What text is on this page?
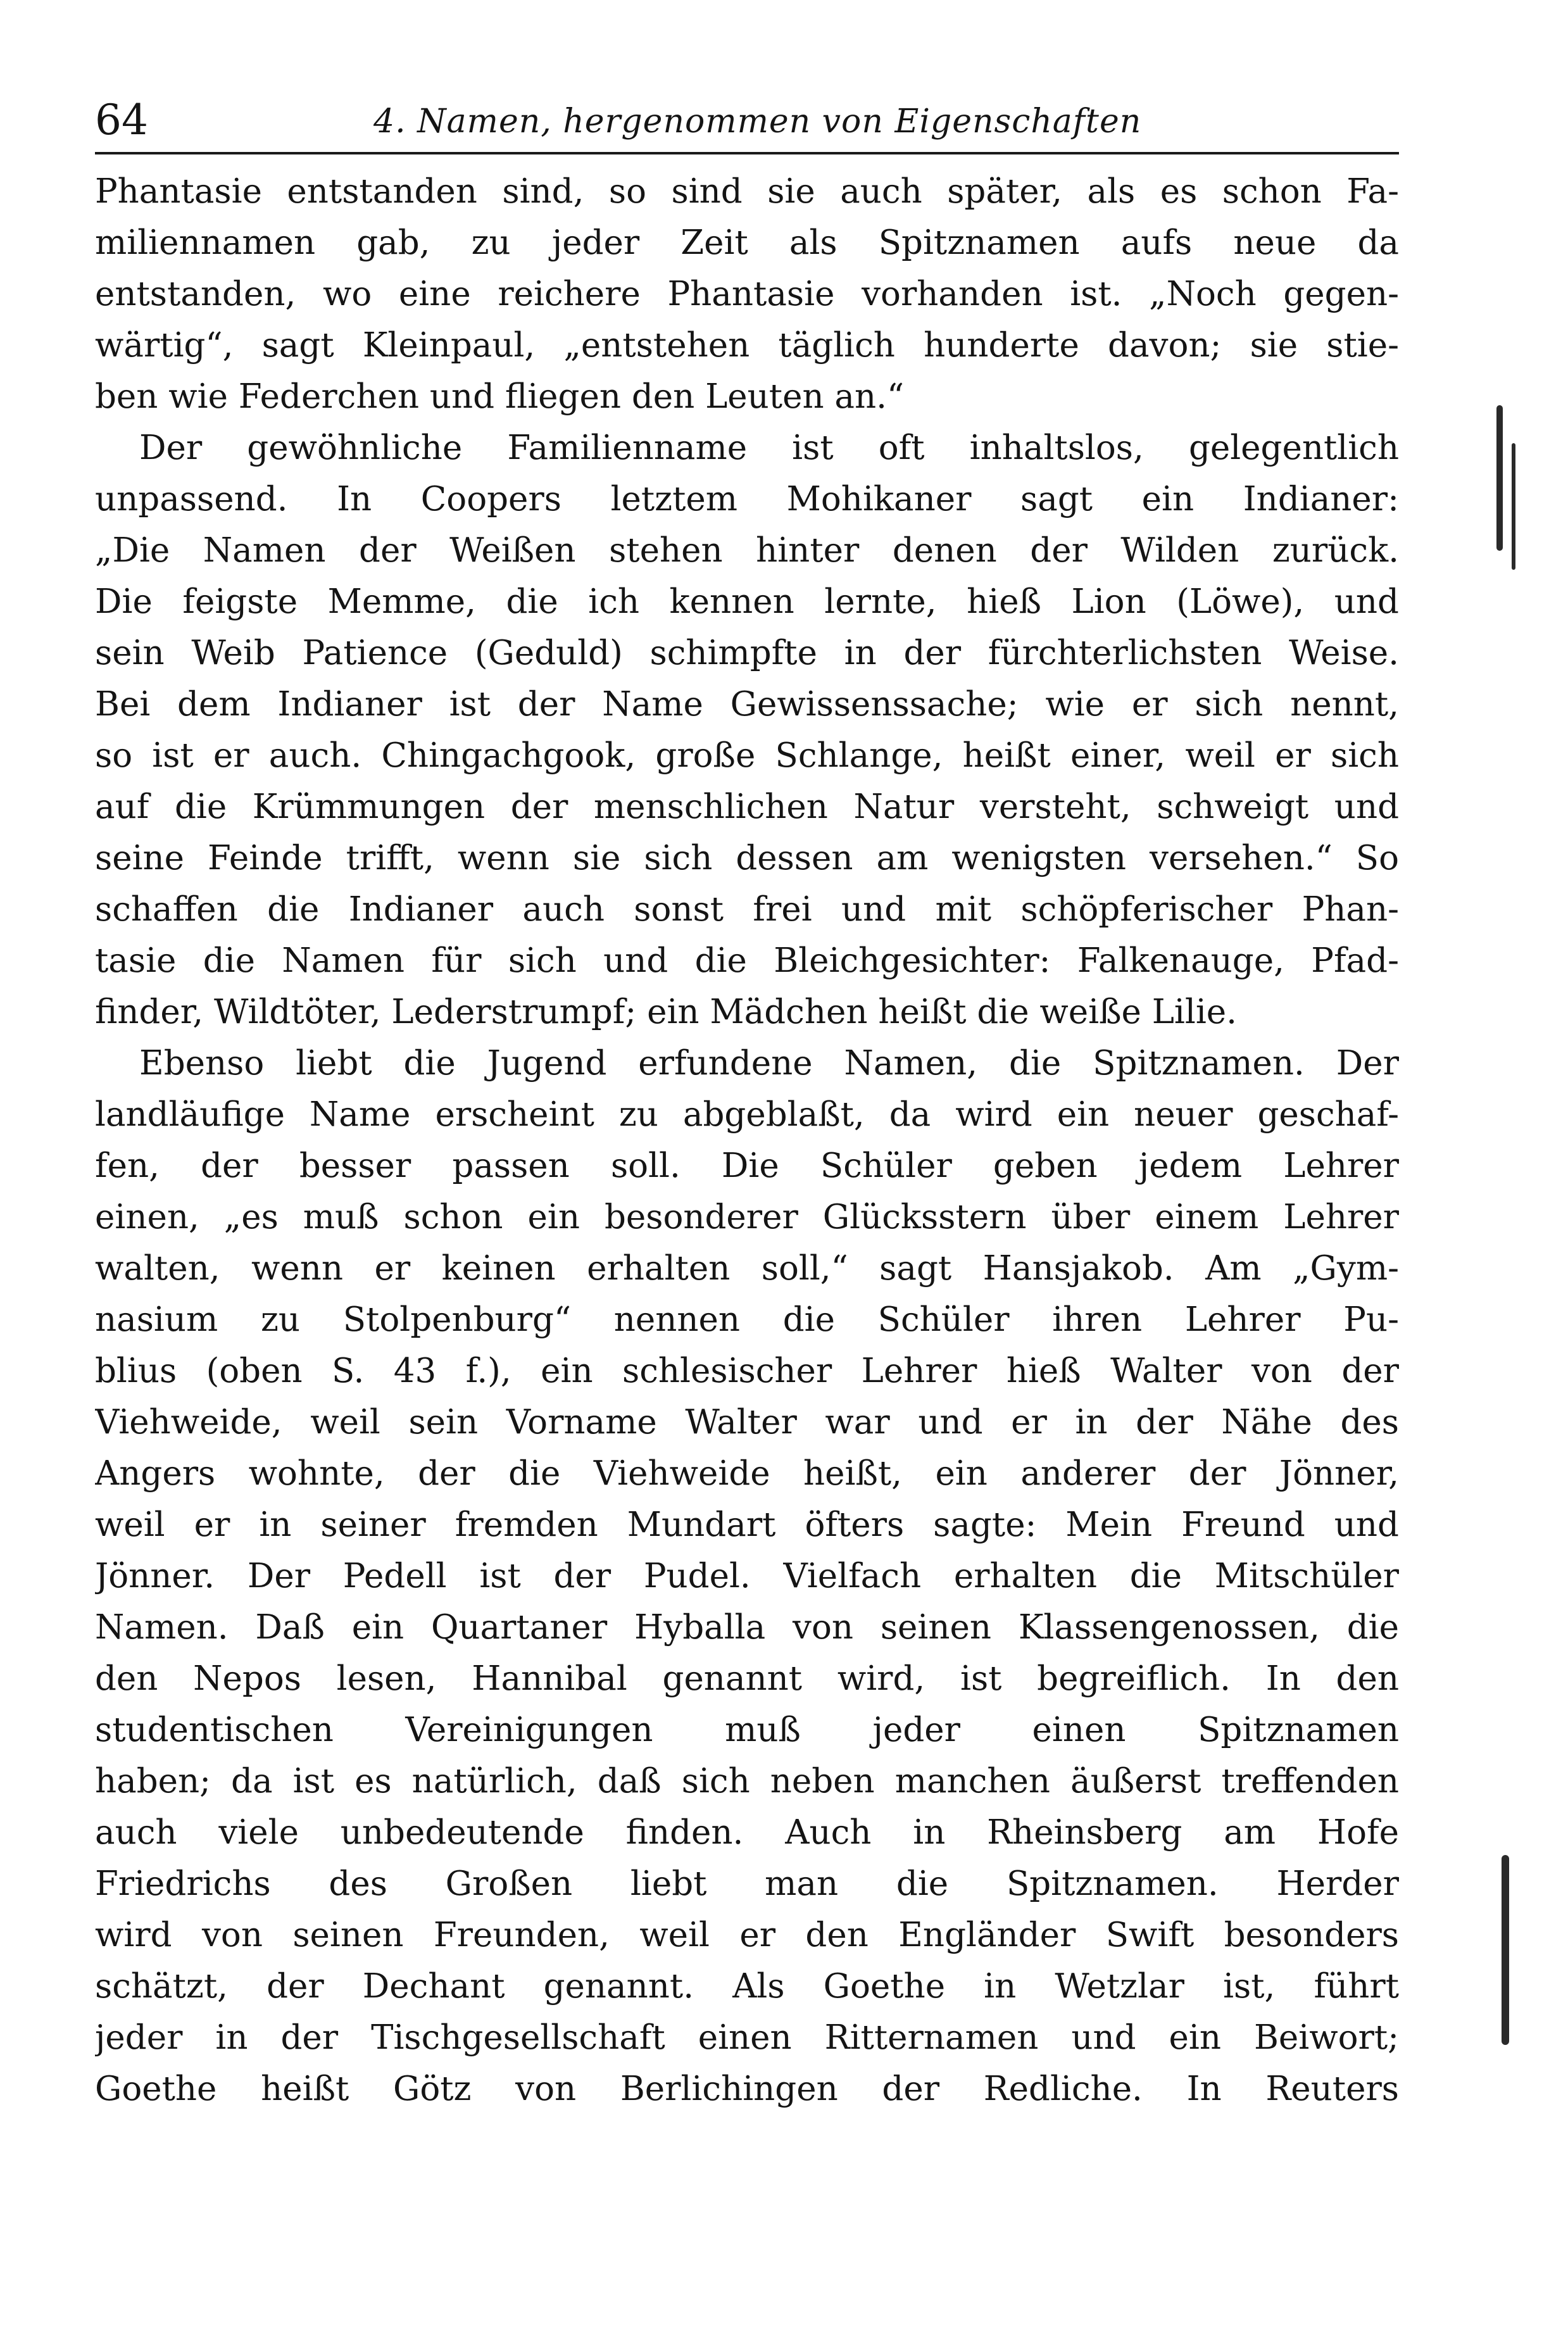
64	4. Namen, hergenommen von Eigenschaften
Phantasie entstanden sind, so sind sie auch später, als es schon Fa-
miliennamen gab, zu jeder Zeit als Spitznamen aufs neue da
entstanden, wo eine reichere Phantasie vorhanden ist. „Noch gegen-
wärtig“, sagt Kleinpaul, „entstehen täglich hunderte davon; sie stie-
ben wie Federchen und fliegen den Leuten an.“
Der gewöhnliche Familienname ist oft inhaltslos, gelegentlich
unpassend. In Coopers letztem Mohikaner sagt ein Indianer:
„Die Namen der Weißen stehen hinter denen der Wilden zurück.
Die feigste Memme, die ich kennen lernte, hieß Lion (Löwe), und
sein Weib Patience (Geduld) schimpfte in der fürchterlichsten Weise.
Bei dem Indianer ist der Name Gewissenssache; wie er sich nennt,
so ist er auch. Chingachgook, große Schlange, heißt einer, weil er sich
auf die Krümmungen der menschlichen Natur versteht, schweigt und
seine Feinde trifft, wenn sie sich dessen am wenigsten versehen.“ So
schaffen die Indianer auch sonst frei und mit schöpferischer Phan-
tasie die Namen für sich und die Bleichgesichter: Falkenauge, Pfad-
finder, Wildtöter, Lederstrumpf; ein Mädchen heißt die weiße Lilie.
Ebenso liebt die Jugend erfundene Namen, die Spitznamen. Der
landläufige Name erscheint zu abgeblaßt, da wird ein neuer geschaf-
fen, der besser passen soll. Die Schüler geben jedem Lehrer
einen, „es muß schon ein besonderer Glücksstern über einem Lehrer
walten, wenn er keinen erhalten soll,“ sagt Hansjakob. Am „Gym-
nasium zu Stolpenburg“ nennen die Schüler ihren Lehrer Pu-
blius (oben S. 43 f.), ein schlesischer Lehrer hieß Walter von der
Viehweide, weil sein Vorname Walter war und er in der Nähe des
Angers wohnte, der die Viehweide heißt, ein anderer der Jönner,
weil er in seiner fremden Mundart öfters sagte: Mein Freund und
Jönner. Der Pedell ist der Pudel. Vielfach erhalten die Mitschüler
Namen. Daß ein Quartaner Hyballa von seinen Klassengenossen, die
den Nepos lesen, Hannibal genannt wird, ist begreiflich. In den
studentischen Vereinigungen muß jeder einen Spitznamen
haben; da ist es natürlich, daß sich neben manchen äußerst treffenden
auch viele unbedeutende finden. Auch in Rheinsberg am Hofe
Friedrichs des Großen liebt man die Spitznamen. Herder
wird von seinen Freunden, weil er den Engländer Swift besonders
schätzt, der Dechant genannt. Als Goethe in Wetzlar ist, führt
jeder in der Tischgesellschaft einen Ritternamen und ein Beiwort;
Goethe heißt Götz von Berlichingen der Redliche. In Reuters
